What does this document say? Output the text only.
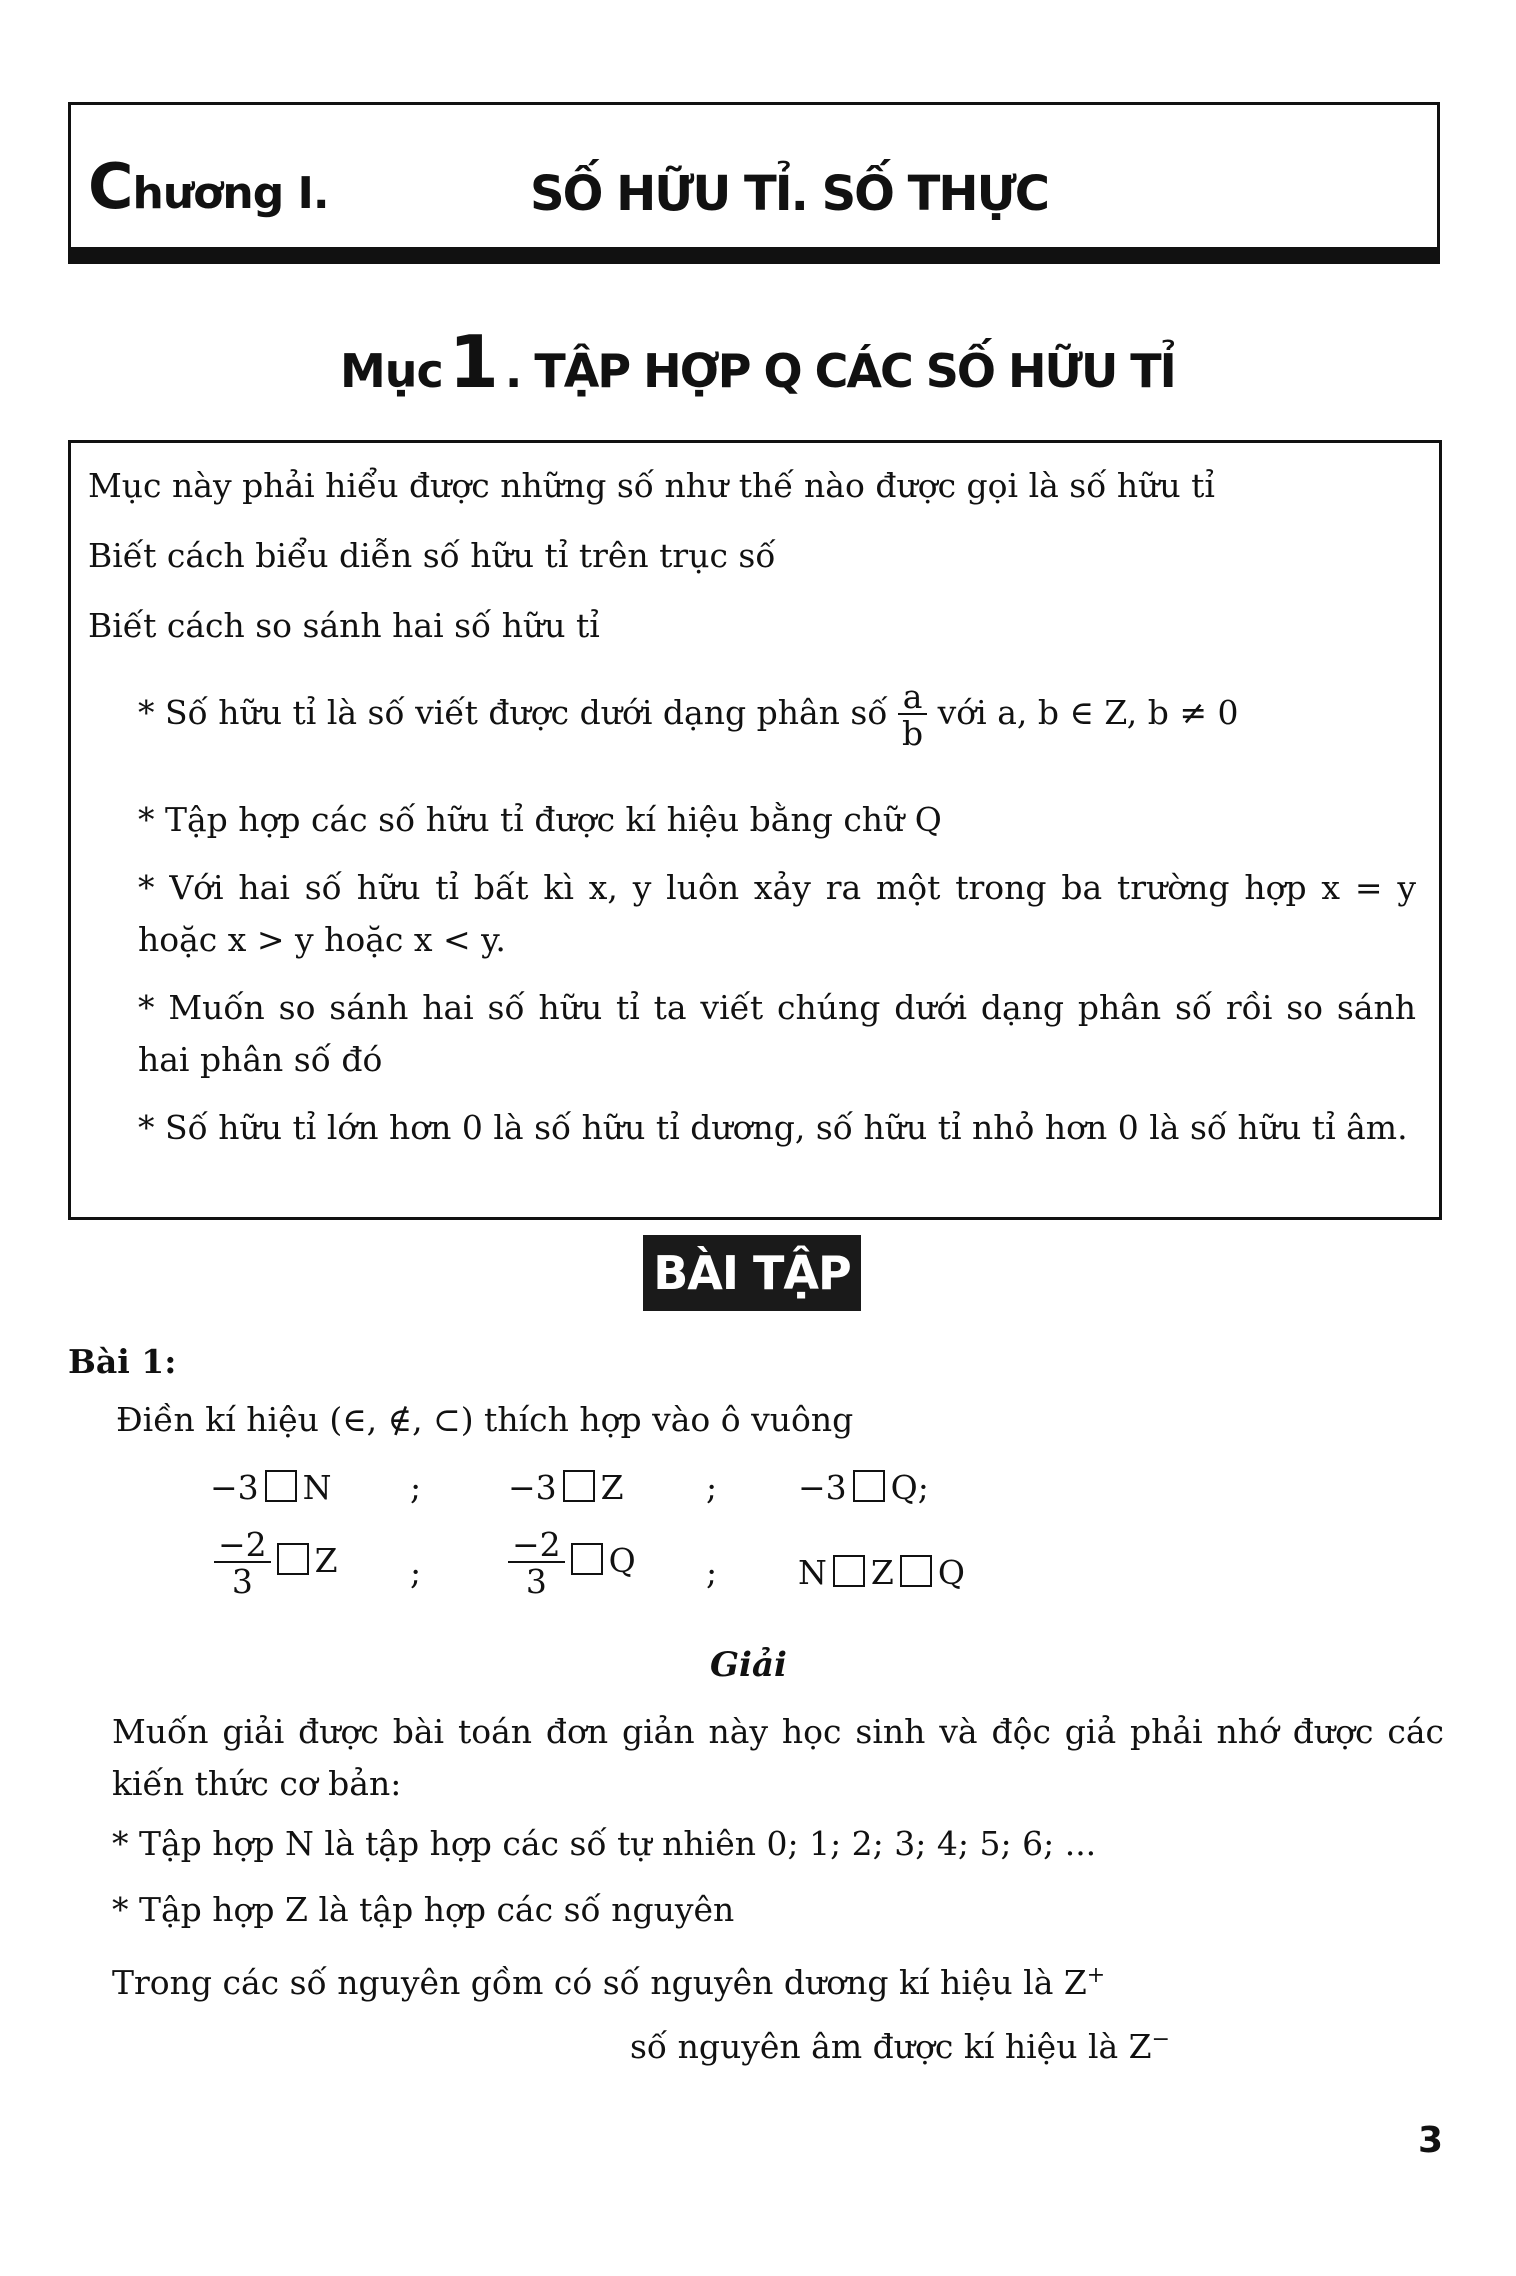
Chương I.	SỐ HỮU TỈ. SỐ THỰC
Mục1 . TẬP HỢP Q CÁC SỐ HỮU TỈ
Mục này phải hiểu được những số như thế nào được gọi là số hữu tỉ
Biết cách biểu diễn số hữu tỉ trên trục số
Biết cách so sánh hai số hữu tỉ
* Số hữu tỉ là số viết được dưới dạng phân số $\frac{a}{b}$ với a, b ∈ Z, b ≠ 0
* Tập hợp các số hữu tỉ được kí hiệu bằng chữ Q
* Với hai số hữu tỉ bất kì x, y luôn xảy ra một trong ba trường hợp x = y hoặc x > y hoặc x < y.
* Muốn so sánh hai số hữu tỉ ta viết chúng dưới dạng phân số rồi so sánh hai phân số đó
* Số hữu tỉ lớn hơn 0 là số hữu tỉ dương, số hữu tỉ nhỏ hơn 0 là số hữu tỉ âm.
BÀI TẬP
Bài 1:
Điền kí hiệu (∈, ∉, ⊂) thích hợp vào ô vuông
−3 N ;	−3 Z ; −3 Q;
$\frac{-2}{3}$ Z ;	$\frac{-2}{3}$ Q ; N Z Q
Giải
Muốn giải được bài toán đơn giản này học sinh và độc giả phải nhớ được các kiến thức cơ bản:
* Tập hợp N là tập hợp các số tự nhiên 0; 1; 2; 3; 4; 5; 6; ...
* Tập hợp Z là tập hợp các số nguyên
Trong các số nguyên gồm có số nguyên dương kí hiệu là Z+
số nguyên âm được kí hiệu là Z−
3
